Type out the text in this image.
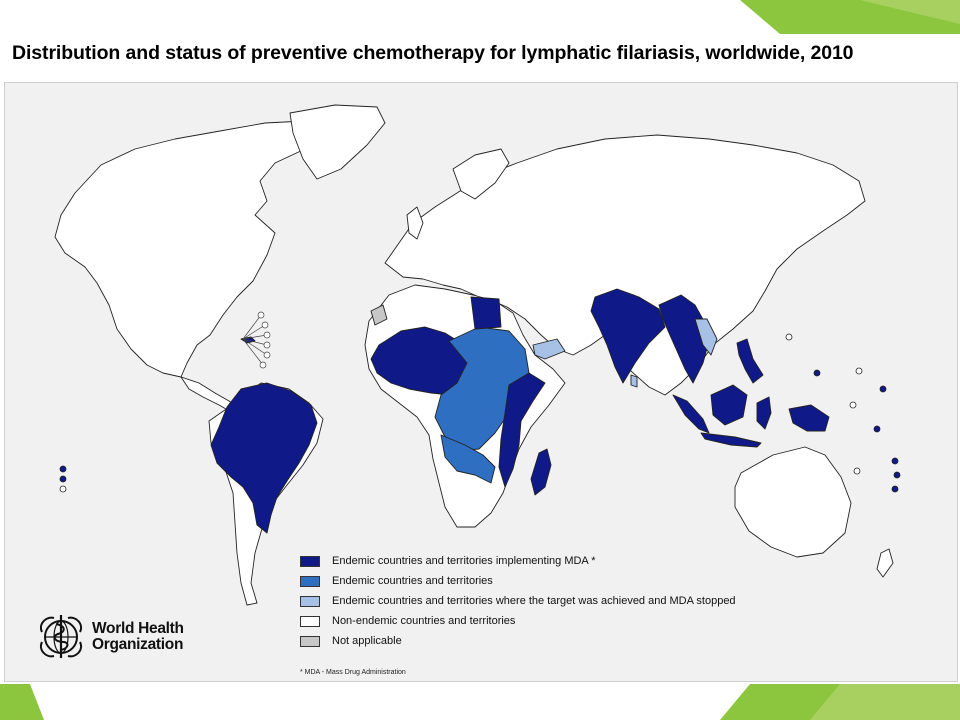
Distribution and status of preventive chemotherapy for lymphatic filariasis, worldwide, 2010
Endemic countries and territories implementing MDA *
Endemic countries and territories
Endemic countries and territories where the target was achieved and MDA stopped
Non-endemic countries and territories
Not applicable
* MDA - Mass Drug Administration
World Health
Organization
